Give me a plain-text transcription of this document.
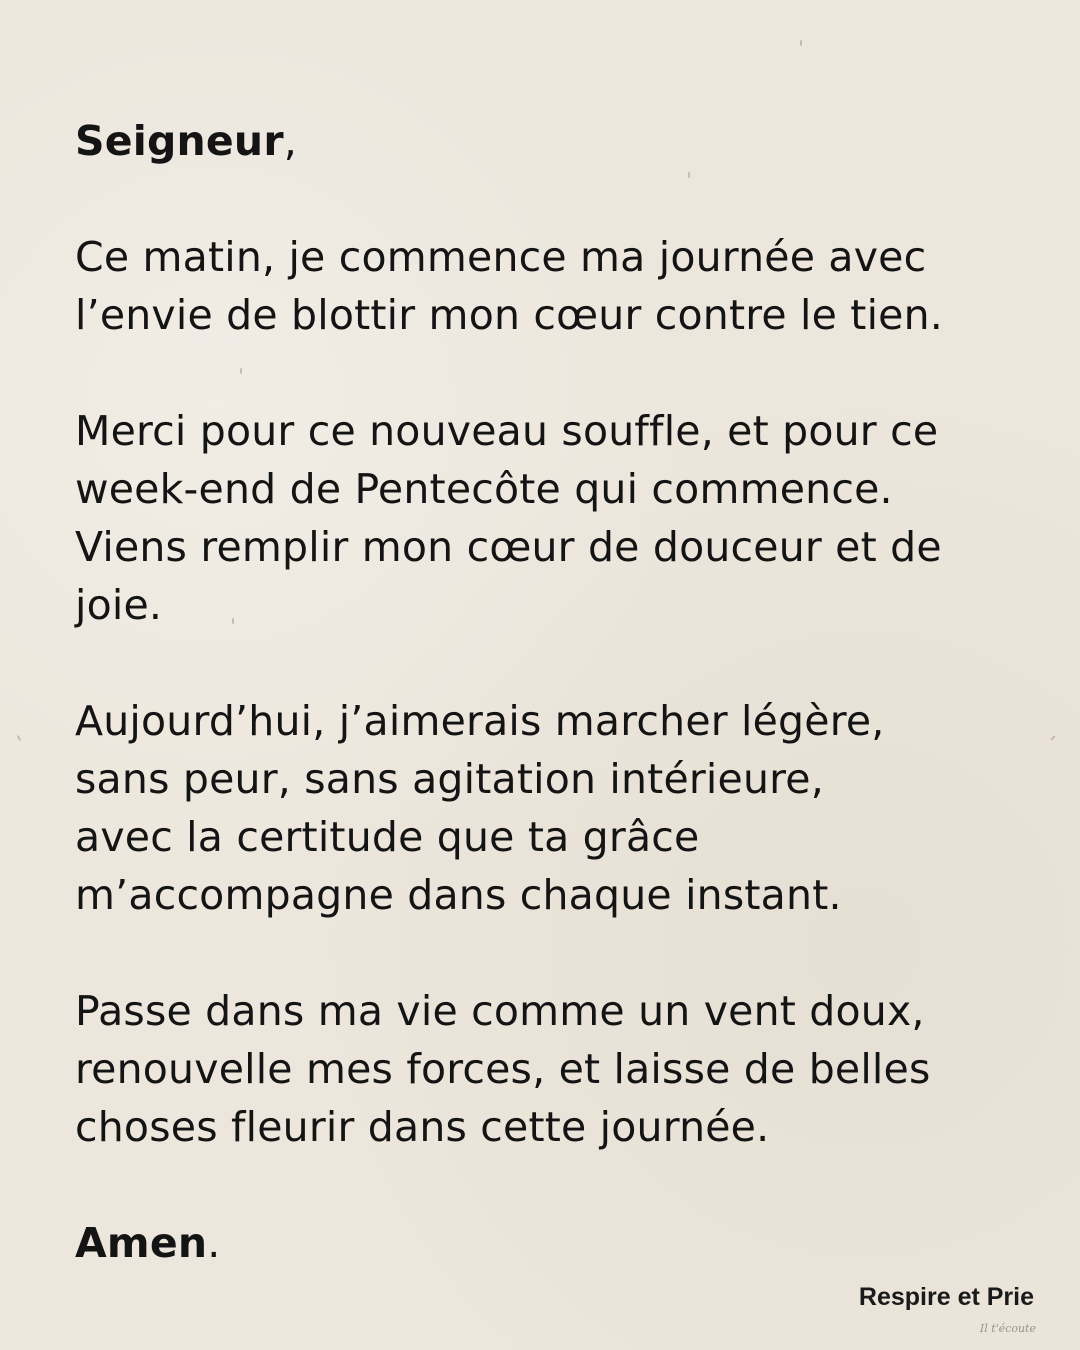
Seigneur,

Ce matin, je commence ma journée avec
l’envie de blottir mon cœur contre le tien.

Merci pour ce nouveau souffle, et pour ce
week-end de Pentecôte qui commence.
Viens remplir mon cœur de douceur et de
joie.

Aujourd’hui, j’aimerais marcher légère,
sans peur, sans agitation intérieure,
avec la certitude que ta grâce
m’accompagne dans chaque instant.

Passe dans ma vie comme un vent doux,
renouvelle mes forces, et laisse de belles
choses fleurir dans cette journée.

Amen.

Respire et Prie
Il t'écoute
